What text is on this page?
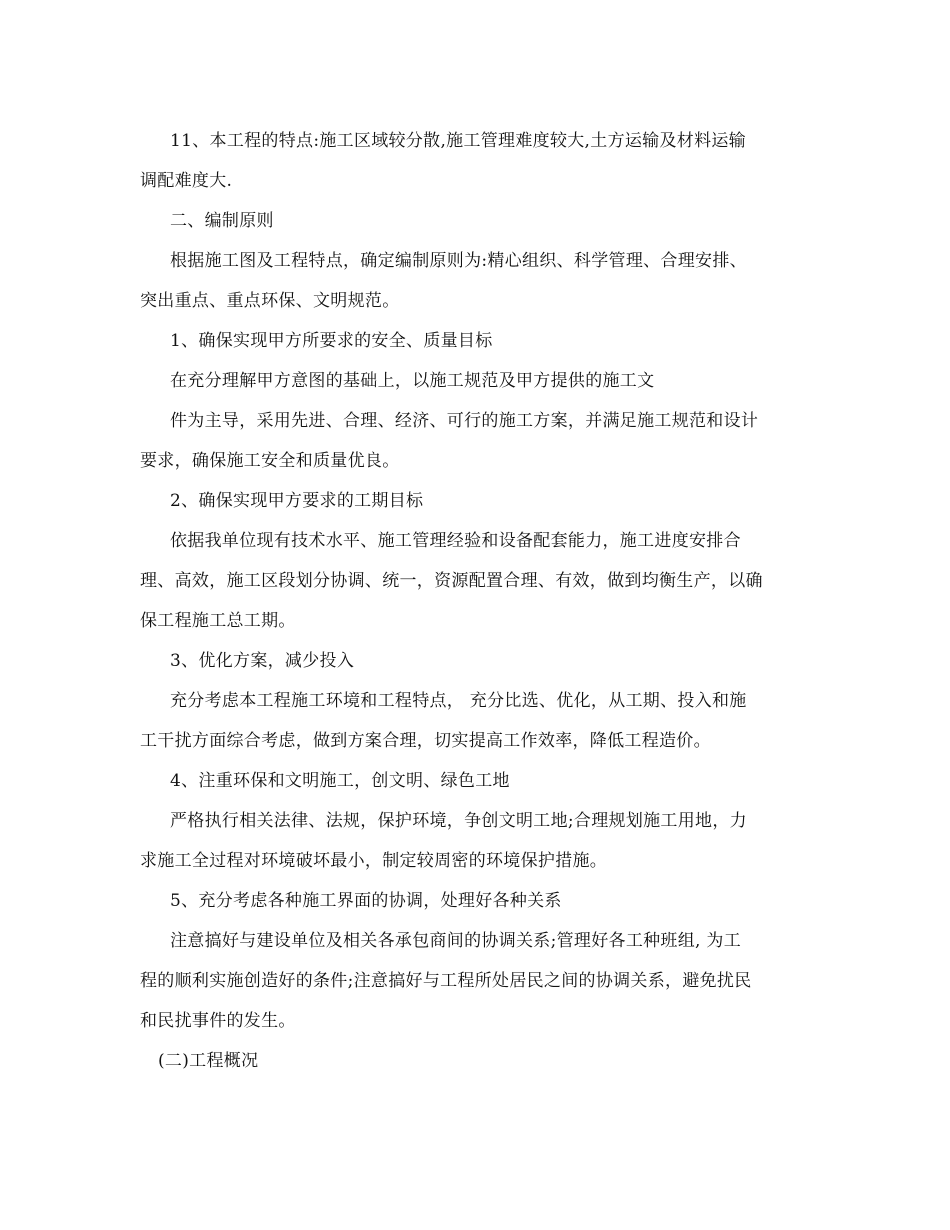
11、本工程的特点:施工区域较分散,施工管理难度较大,土方运输及材料运输
调配难度大.

二、编制原则

根据施工图及工程特点，确定编制原则为:精心组织、科学管理、合理安排、
突出重点、重点环保、文明规范。

1、确保实现甲方所要求的安全、质量目标

在充分理解甲方意图的基础上，以施工规范及甲方提供的施工文

件为主导，采用先进、合理、经济、可行的施工方案，并满足施工规范和设计
要求，确保施工安全和质量优良。

2、确保实现甲方要求的工期目标

依据我单位现有技术水平、施工管理经验和设备配套能力，施工进度安排合
理、高效，施工区段划分协调、统一，资源配置合理、有效，做到均衡生产，以确
保工程施工总工期。

3、优化方案，减少投入

充分考虑本工程施工环境和工程特点， 充分比选、优化，从工期、投入和施
工干扰方面综合考虑，做到方案合理，切实提高工作效率，降低工程造价。

4、注重环保和文明施工，创文明、绿色工地

严格执行相关法律、法规，保护环境，争创文明工地;合理规划施工用地，力
求施工全过程对环境破坏最小，制定较周密的环境保护措施。

5、充分考虑各种施工界面的协调，处理好各种关系

注意搞好与建设单位及相关各承包商间的协调关系;管理好各工种班组, 为工
程的顺利实施创造好的条件;注意搞好与工程所处居民之间的协调关系，避免扰民
和民扰事件的发生。

(二)工程概况
